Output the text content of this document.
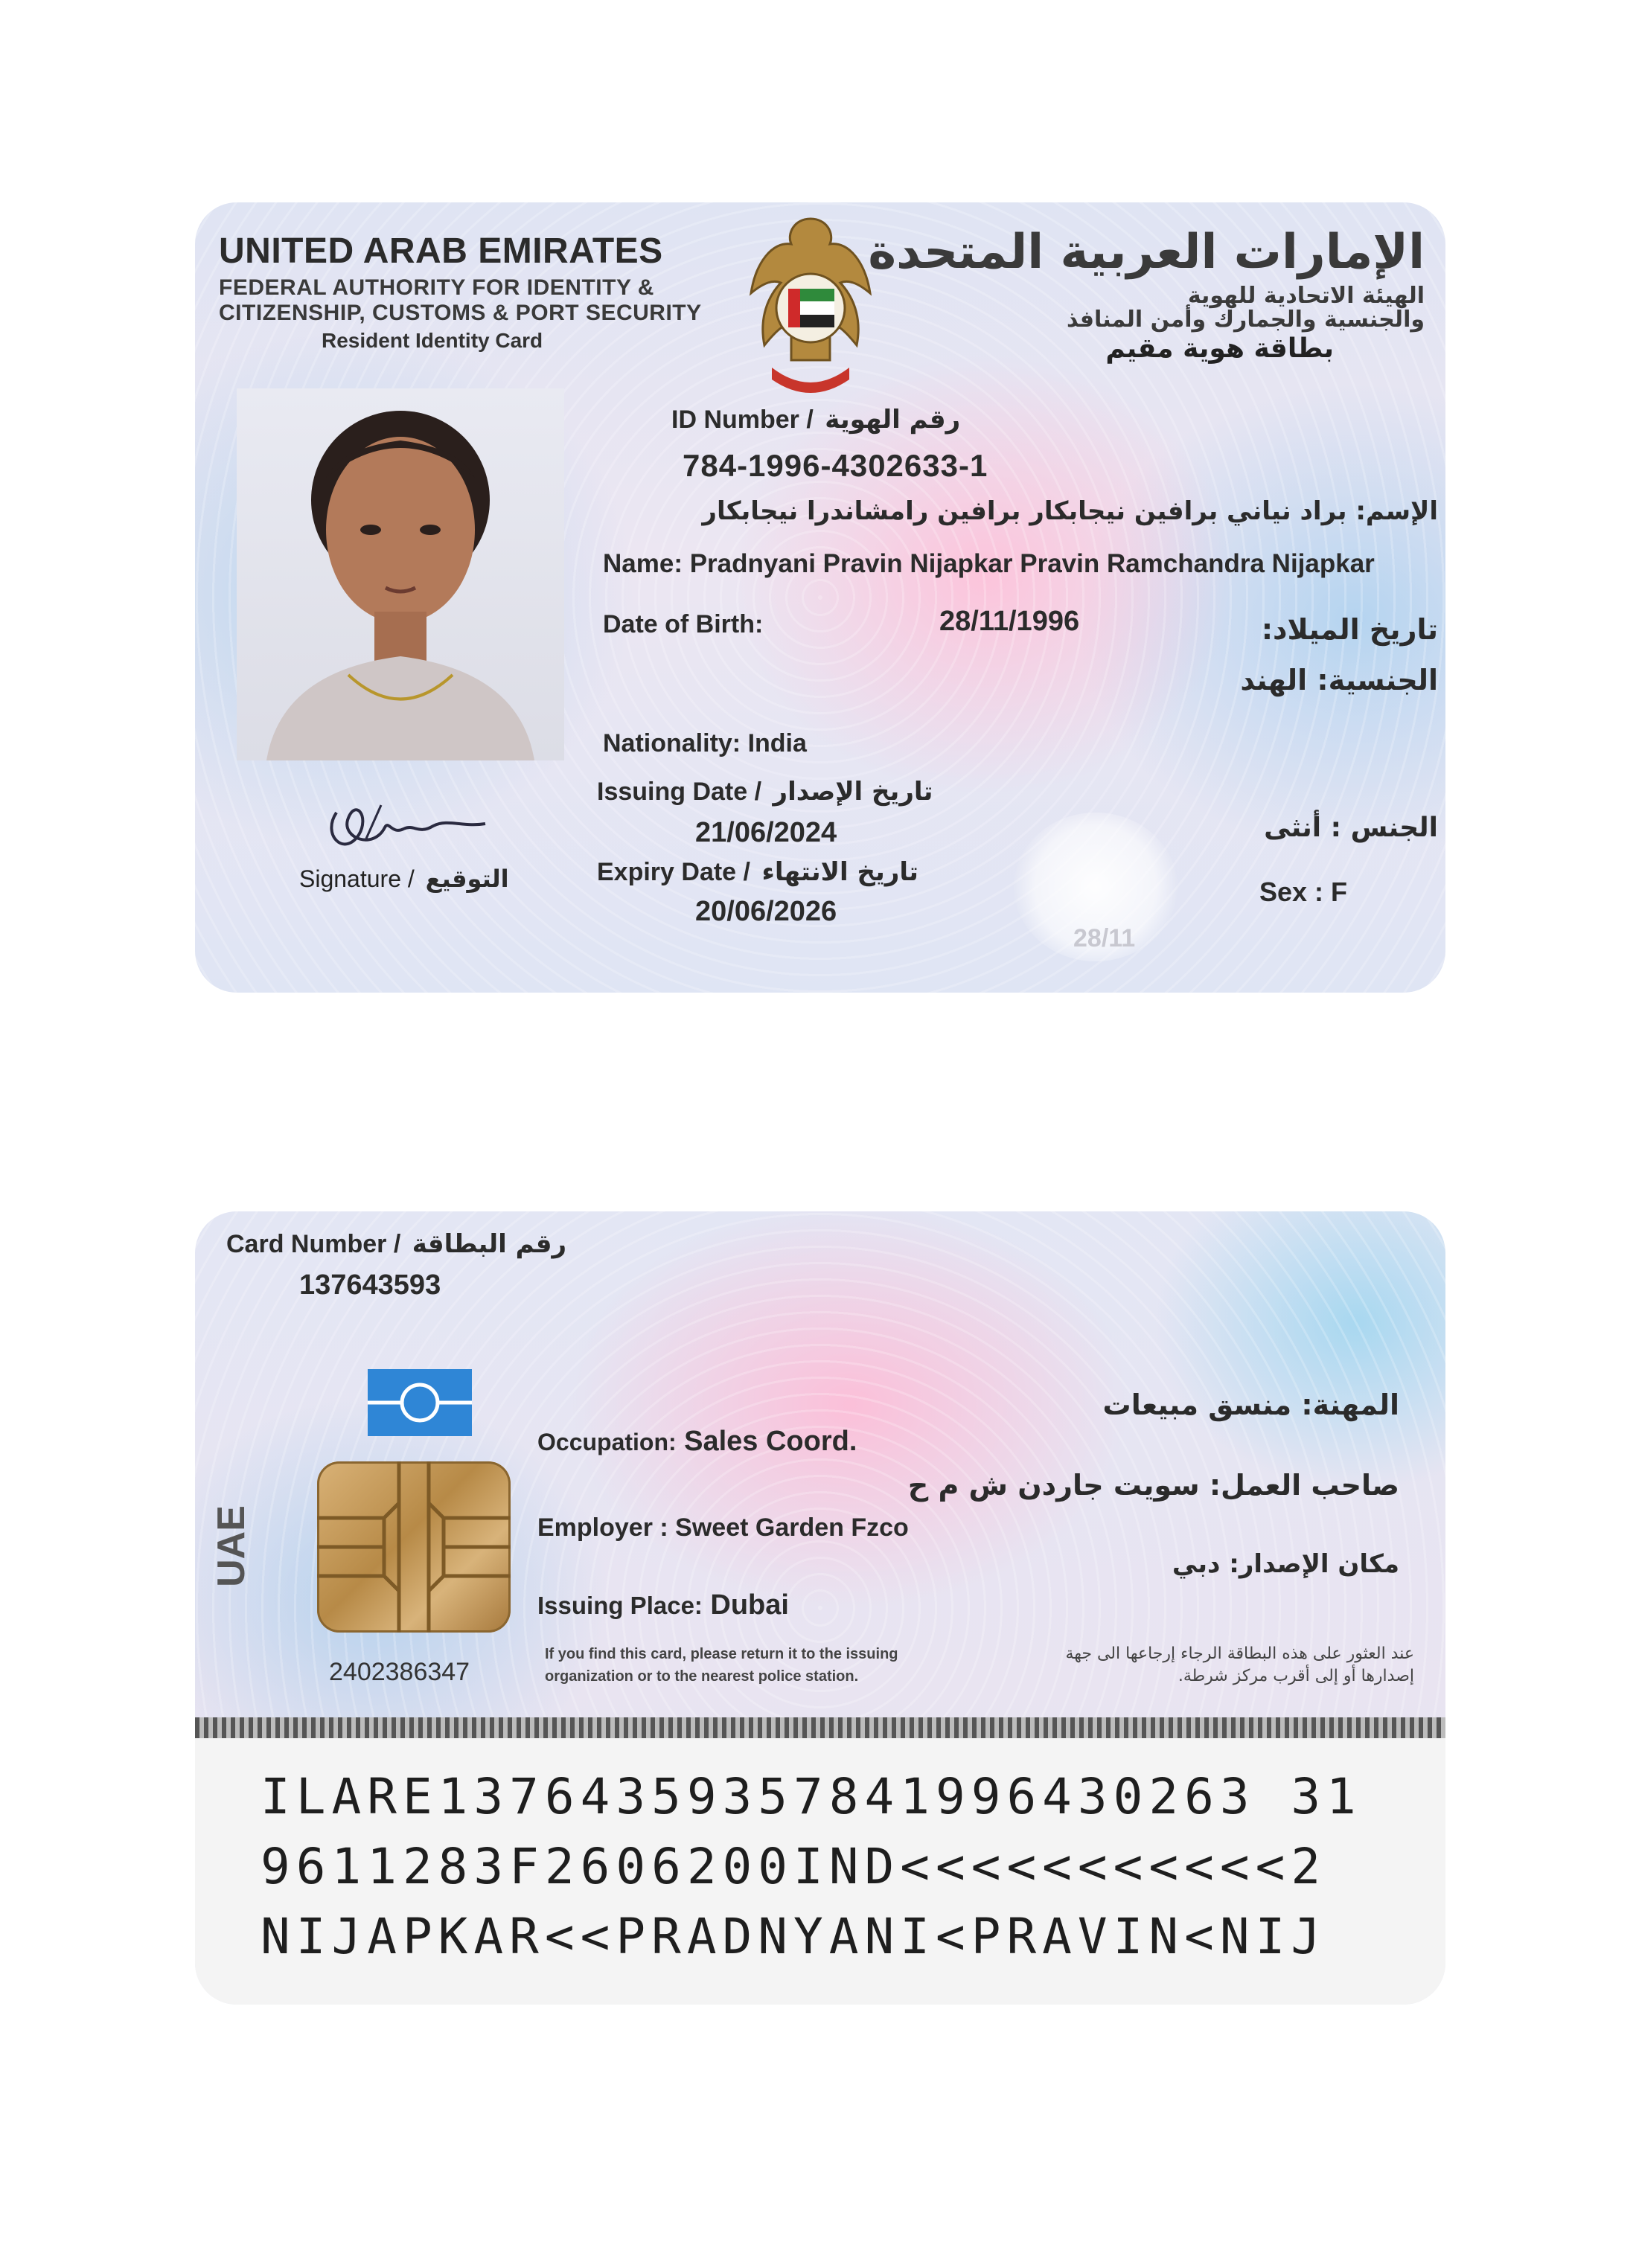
UNITED ARAB EMIRATES
FEDERAL AUTHORITY FOR IDENTITY &
CITIZENSHIP, CUSTOMS & PORT SECURITY
Resident Identity Card
الإمارات العربية المتحدة
الهيئة الاتحادية للهوية
والجنسية والجمارك وأمن المنافذ
بطاقة هوية مقيم
ID Number / رقم الهوية
784-1996-4302633-1
الإسم: براد نياني برافين نيجابكار برافين رامشاندرا نيجابكار
Name: Pradnyani Pravin Nijapkar Pravin Ramchandra Nijapkar
Date of Birth:	28/11/1996	تاريخ الميلاد:
الجنسية: الهند
Nationality: India
Issuing Date / تاريخ الإصدار
21/06/2024
Expiry Date / تاريخ الانتهاء
20/06/2026
الجنس : أنثى
Sex : F
28/11
Signature / التوقيع
Card Number / رقم البطاقة
137643593
UAE
2402386347
المهنة: منسق مبيعات
Occupation: Sales Coord.
صاحب العمل: سويت جاردن ش م ح
Employer : Sweet Garden Fzco
مكان الإصدار: دبي
Issuing Place: Dubai
If you find this card, please return it to the issuing
organization or to the nearest police station.
عند العثور على هذه البطاقة الرجاء إرجاعها الى جهة
إصدارها أو إلى أقرب مركز شرطة.
ILARE13764359357841996430263 31
9611283F2606200IND<<<<<<<<<<<2
NIJAPKAR<<PRADNYANI<PRAVIN<NIJ
